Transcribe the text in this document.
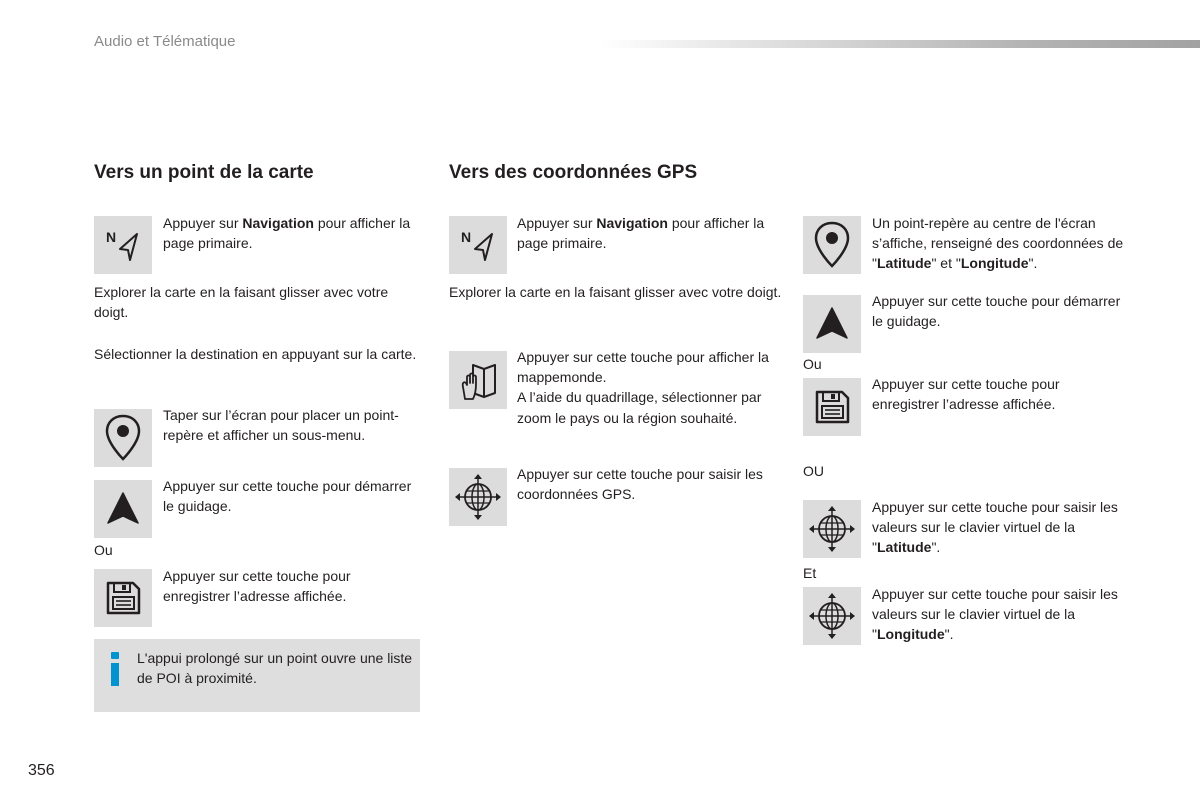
Audio et Télématique
Vers un point de la carte
N
Appuyer sur Navigation pour afficher la page primaire.
Explorer la carte en la faisant glisser avec votre doigt.
Sélectionner la destination en appuyant sur la carte.
Taper sur l’écran pour placer un point-repère et afficher un sous-menu.
Appuyer sur cette touche pour démarrer le guidage.
Ou
Appuyer sur cette touche pour enregistrer l’adresse affichée.
L'appui prolongé sur un point ouvre une liste de POI à proximité.
Vers des coordonnées GPS
N
Appuyer sur Navigation pour afficher la page primaire.
Explorer la carte en la faisant glisser avec votre doigt.
Appuyer sur cette touche pour afficher la mappemonde.
A l’aide du quadrillage, sélectionner par zoom le pays ou la région souhaité.
Appuyer sur cette touche pour saisir les coordonnées GPS.
Un point-repère au centre de l'écran s’affiche, renseigné des coordonnées de "Latitude" et "Longitude".
Appuyer sur cette touche pour démarrer le guidage.
Ou
Appuyer sur cette touche pour enregistrer l’adresse affichée.
OU
Appuyer sur cette touche pour saisir les valeurs sur le clavier virtuel de la "Latitude".
Et
Appuyer sur cette touche pour saisir les valeurs sur le clavier virtuel de la "Longitude".
356
